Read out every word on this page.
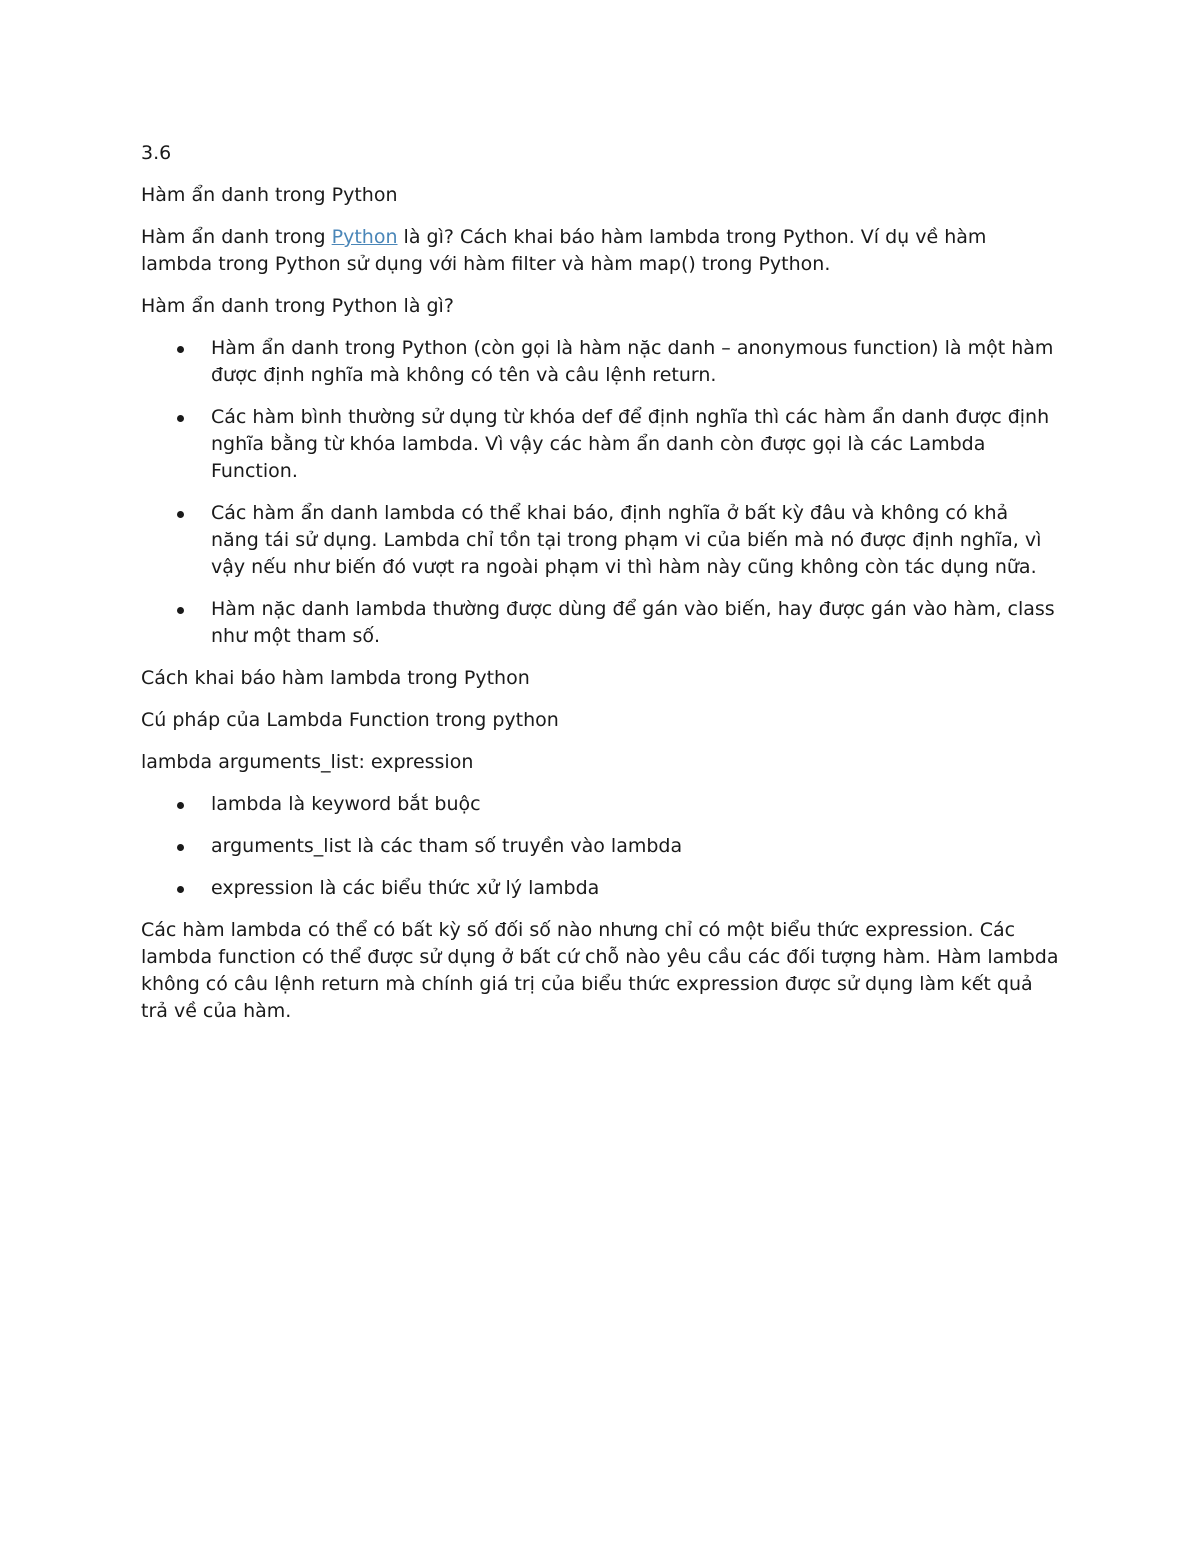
3.6

Hàm ẩn danh trong Python

Hàm ẩn danh trong Python là gì? Cách khai báo hàm lambda trong Python. Ví dụ về hàm lambda trong Python sử dụng với hàm filter và hàm map() trong Python.

Hàm ẩn danh trong Python là gì?

Hàm ẩn danh trong Python (còn gọi là hàm nặc danh – anonymous function) là một hàm được định nghĩa mà không có tên và câu lệnh return.
Các hàm bình thường sử dụng từ khóa def để định nghĩa thì các hàm ẩn danh được định nghĩa bằng từ khóa lambda. Vì vậy các hàm ẩn danh còn được gọi là các Lambda Function.
Các hàm ẩn danh lambda có thể khai báo, định nghĩa ở bất kỳ đâu và không có khả năng tái sử dụng. Lambda chỉ tồn tại trong phạm vi của biến mà nó được định nghĩa, vì vậy nếu như biến đó vượt ra ngoài phạm vi thì hàm này cũng không còn tác dụng nữa.
Hàm nặc danh lambda thường được dùng để gán vào biến, hay được gán vào hàm, class như một tham số.

Cách khai báo hàm lambda trong Python

Cú pháp của Lambda Function trong python

lambda arguments_list: expression

lambda là keyword bắt buộc
arguments_list là các tham số truyền vào lambda
expression là các biểu thức xử lý lambda

Các hàm lambda có thể có bất kỳ số đối số nào nhưng chỉ có một biểu thức expression. Các lambda function có thể được sử dụng ở bất cứ chỗ nào yêu cầu các đối tượng hàm. Hàm lambda không có câu lệnh return mà chính giá trị của biểu thức expression được sử dụng làm kết quả trả về của hàm.
